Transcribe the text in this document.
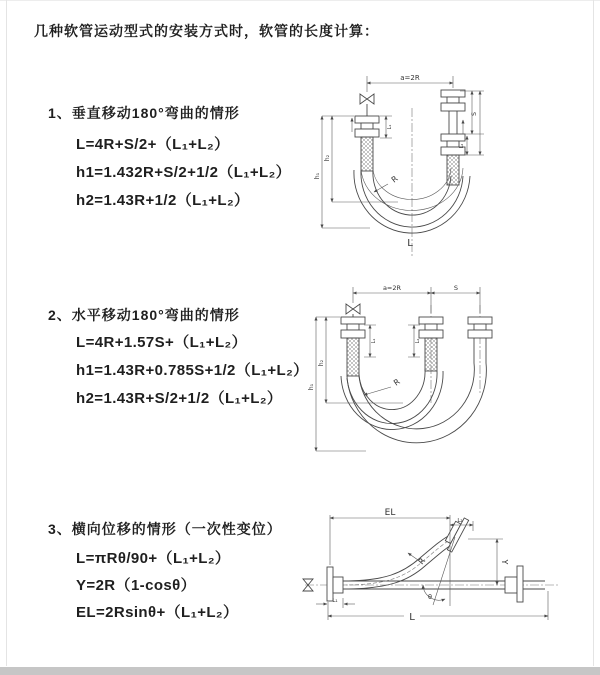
几种软管运动型式的安装方式时，软管的长度计算：
1、垂直移动180°弯曲的情形
L=4R+S/2+（L₁+L₂）
h1=1.432R+S/2+1/2（L₁+L₂）
h2=1.43R+1/2（L₁+L₂）
2、水平移动180°弯曲的情形
L=4R+1.57S+（L₁+L₂）
h1=1.43R+0.785S+1/2（L₁+L₂）
h2=1.43R+S/2+1/2（L₁+L₂）
3、横向位移的情形（一次性变位）
L=πRθ/90+（L₁+L₂）
Y=2R（1-cosθ）
EL=2Rsinθ+（L₁+L₂）
a=2R
h₂
h₁
L₁
S
L₂
R
L
a=2R	S
h₂
h₁
L₁	L₂
R
EL
L₂
Y
L
L₁
R
θ
